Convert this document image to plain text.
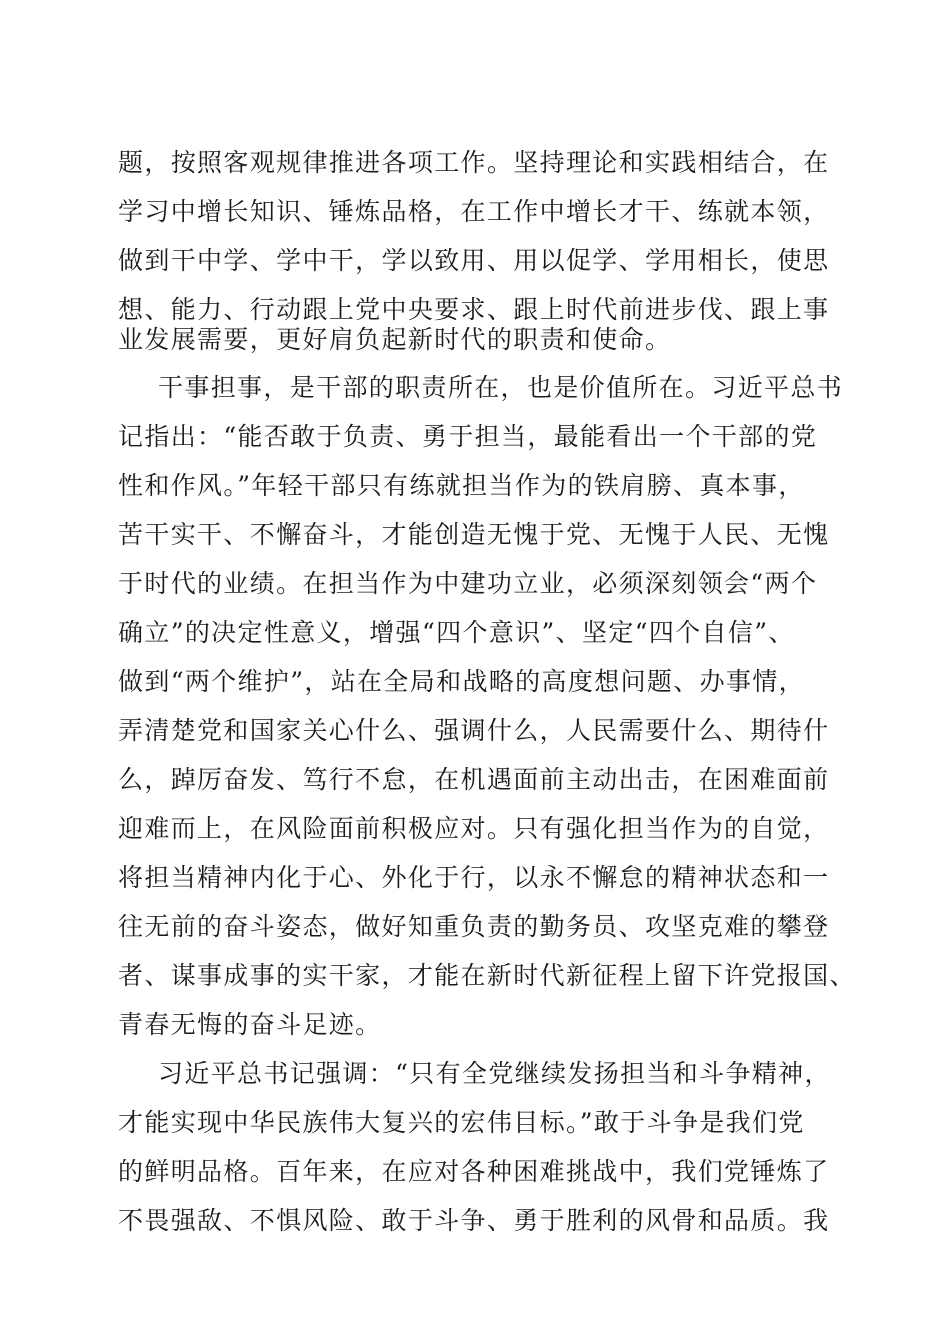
题，按照客观规律推进各项工作。坚持理论和实践相结合，在
学习中增长知识、锤炼品格，在工作中增长才干、练就本领，
做到干中学、学中干，学以致用、用以促学、学用相长，使思
想、能力、行动跟上党中央要求、跟上时代前进步伐、跟上事
业发展需要，更好肩负起新时代的职责和使命。
干事担事，是干部的职责所在，也是价值所在。习近平总书
记指出：“能否敢于负责、勇于担当，最能看出一个干部的党
性和作风。”年轻干部只有练就担当作为的铁肩膀、真本事，
苦干实干、不懈奋斗，才能创造无愧于党、无愧于人民、无愧
于时代的业绩。在担当作为中建功立业，必须深刻领会“两个
确立”的决定性意义，增强“四个意识”、坚定“四个自信”、
做到“两个维护”，站在全局和战略的高度想问题、办事情，
弄清楚党和国家关心什么、强调什么，人民需要什么、期待什
么，踔厉奋发、笃行不怠，在机遇面前主动出击，在困难面前
迎难而上，在风险面前积极应对。只有强化担当作为的自觉，
将担当精神内化于心、外化于行，以永不懈怠的精神状态和一
往无前的奋斗姿态，做好知重负责的勤务员、攻坚克难的攀登
者、谋事成事的实干家，才能在新时代新征程上留下许党报国、
青春无悔的奋斗足迹。
习近平总书记强调：“只有全党继续发扬担当和斗争精神，
才能实现中华民族伟大复兴的宏伟目标。”敢于斗争是我们党
的鲜明品格。百年来，在应对各种困难挑战中，我们党锤炼了
不畏强敌、不惧风险、敢于斗争、勇于胜利的风骨和品质。我
